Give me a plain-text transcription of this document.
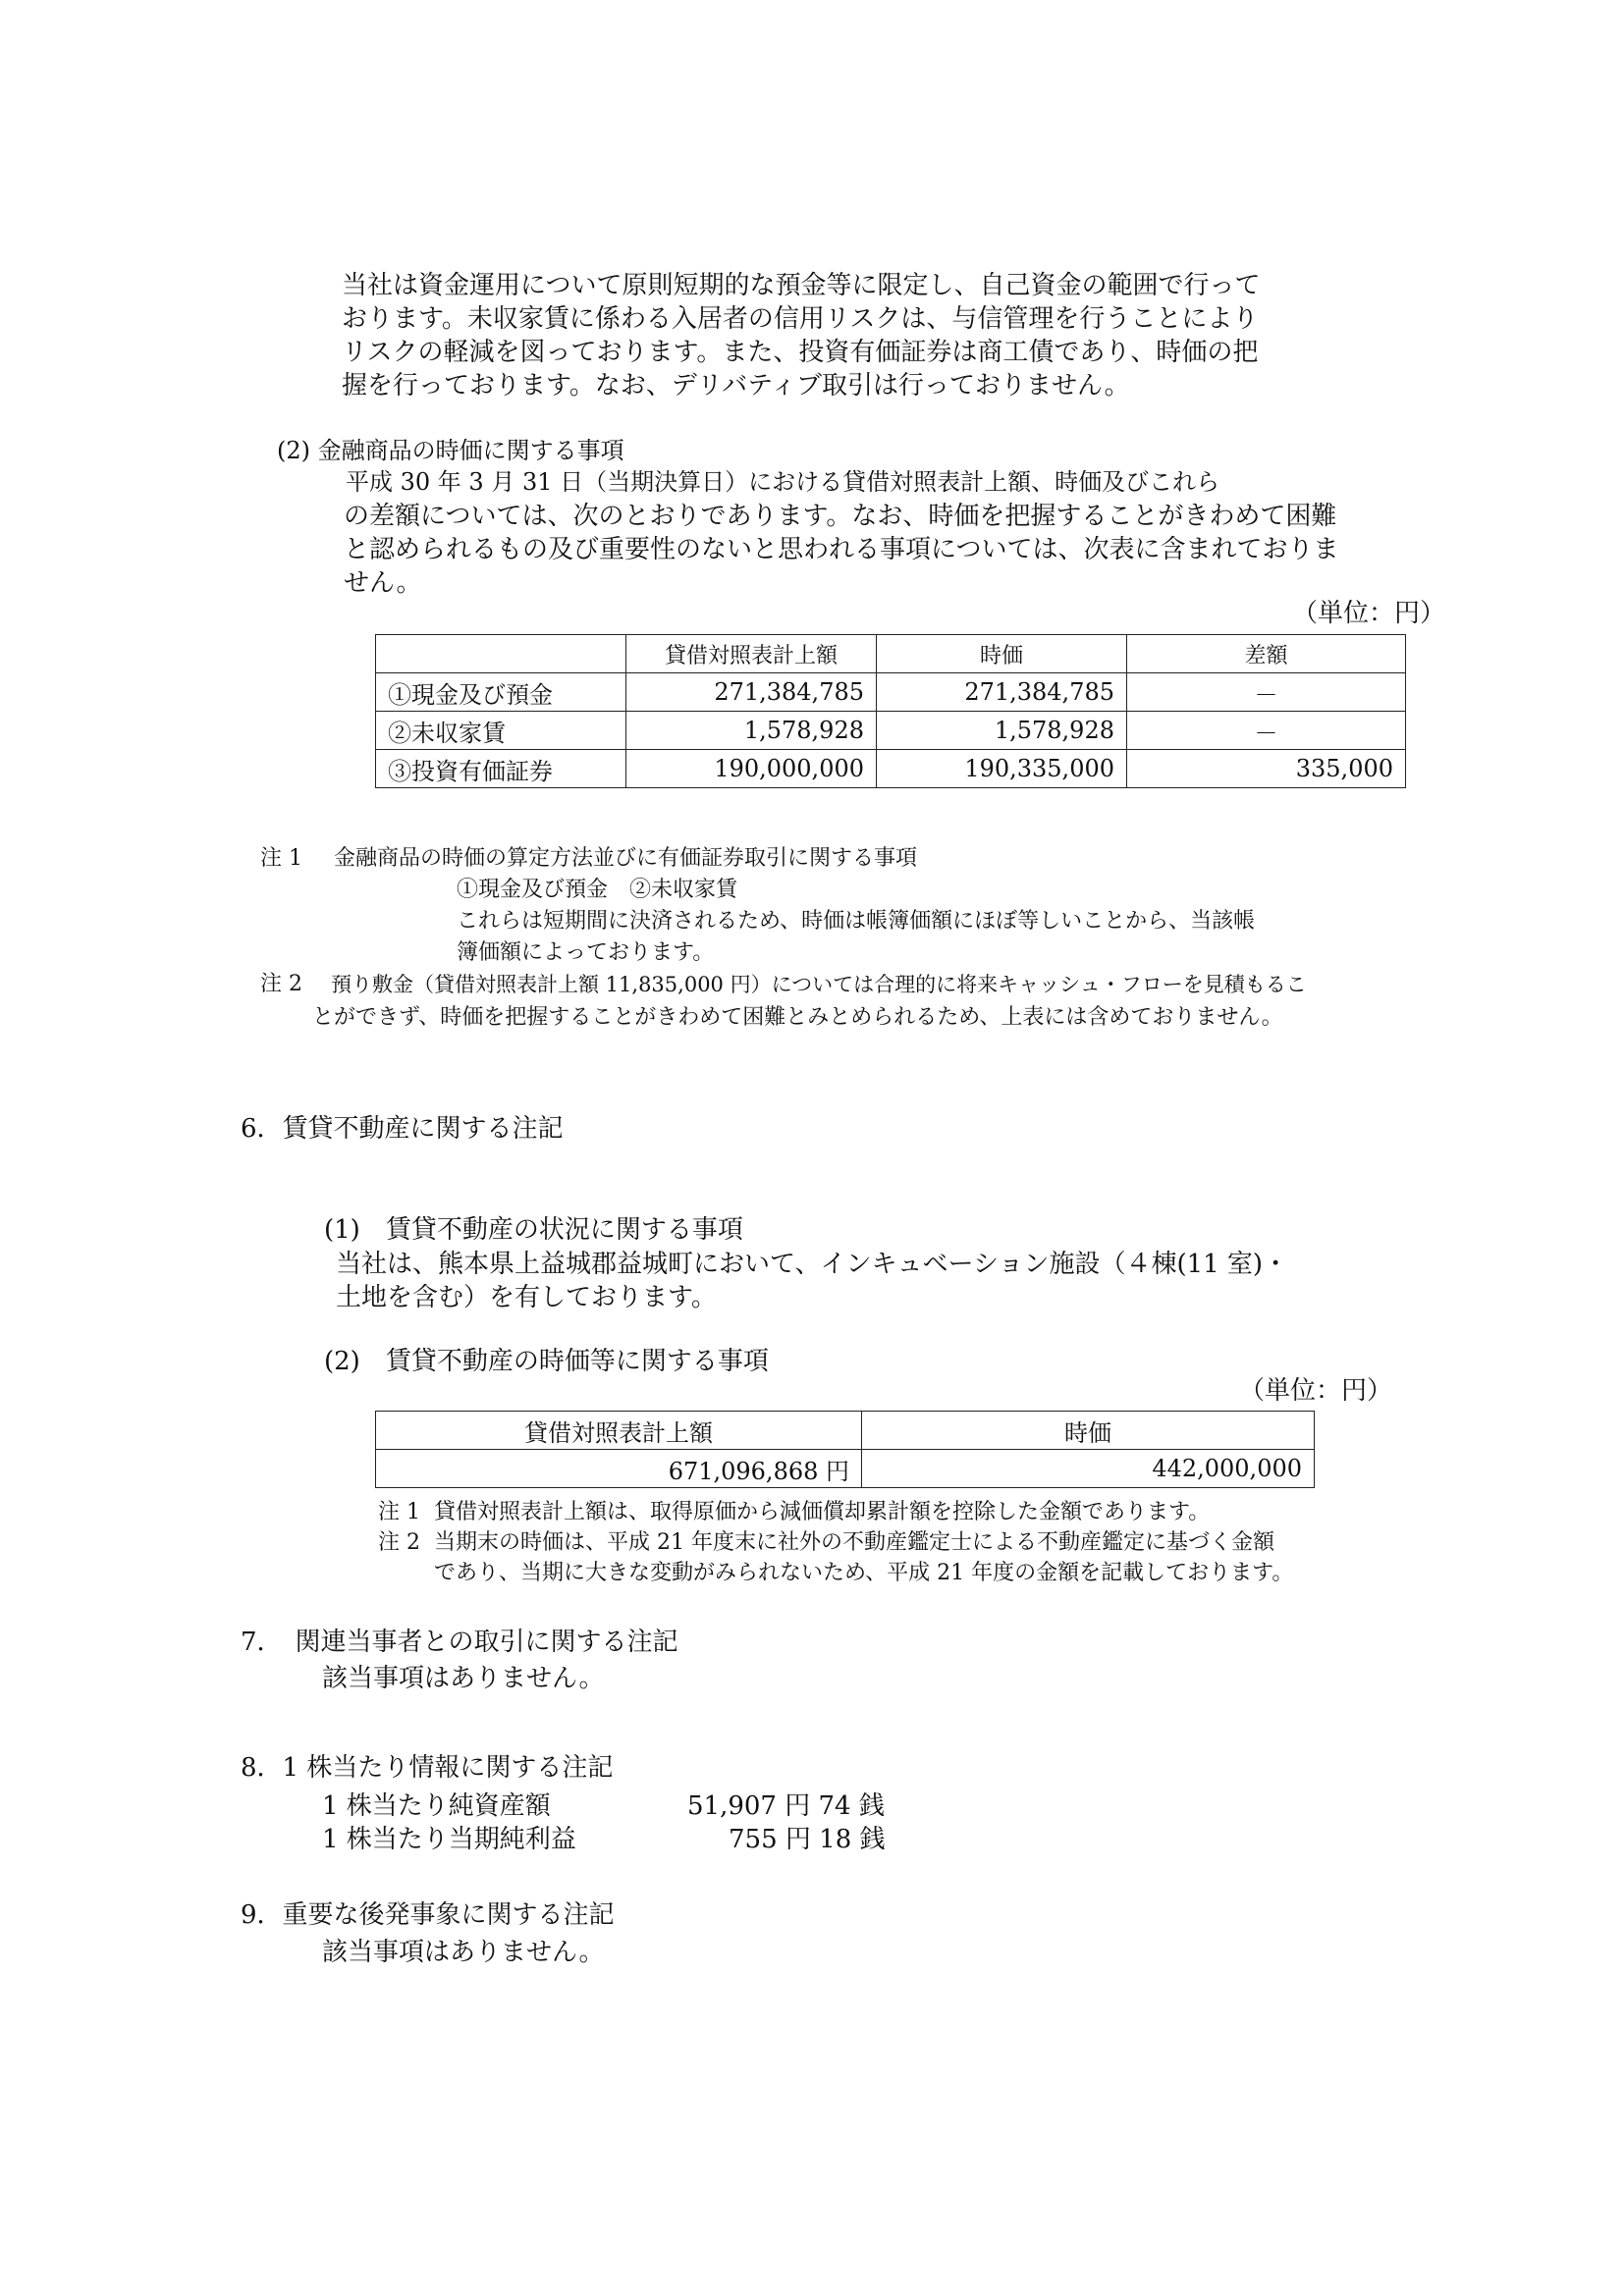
当社は資金運用について原則短期的な預金等に限定し、自己資金の範囲で行って
おります。未収家賃に係わる入居者の信用リスクは、与信管理を行うことにより
リスクの軽減を図っております。また、投資有価証券は商工債であり、時価の把
握を行っております。なお、デリバティブ取引は行っておりません。
(2) 金融商品の時価に関する事項
平成 30 年 3 月 31 日（当期決算日）における貸借対照表計上額、時価及びこれら
の差額については、次のとおりであります。なお、時価を把握することがきわめて困難
と認められるもの及び重要性のないと思われる事項については、次表に含まれておりま
せん。
（単位：円）
	貸借対照表計上額	時価	差額
①現金及び預金	271,384,785	271,384,785	－
②未収家賃	1,578,928	1,578,928	－
③投資有価証券	190,000,000	190,335,000	335,000
注 1 金融商品の時価の算定方法並びに有価証券取引に関する事項
①現金及び預金　②未収家賃
これらは短期間に決済されるため、時価は帳簿価額にほぼ等しいことから、当該帳
簿価額によっております。
注 2 預り敷金（貸借対照表計上額 11,835,000 円）については合理的に将来キャッシュ・フローを見積もるこ
とができず、時価を把握することがきわめて困難とみとめられるため、上表には含めておりません。
6．賃貸不動産に関する注記
(1)　賃貸不動産の状況に関する事項
当社は、熊本県上益城郡益城町において、インキュベーション施設（４棟(11 室)・
土地を含む）を有しております。
(2)　賃貸不動産の時価等に関する事項
（単位：円）
貸借対照表計上額	時価
671,096,868 円	442,000,000
注 1 貸借対照表計上額は、取得原価から減価償却累計額を控除した金額であります。
注 2 当期末の時価は、平成 21 年度末に社外の不動産鑑定士による不動産鑑定に基づく金額
であり、当期に大きな変動がみられないため、平成 21 年度の金額を記載しております。
7．　関連当事者との取引に関する注記
該当事項はありません。
8．1 株当たり情報に関する注記
1 株当たり純資産額	51,907 円 74 銭
1 株当たり当期純利益	755 円 18 銭
9．重要な後発事象に関する注記
該当事項はありません。
